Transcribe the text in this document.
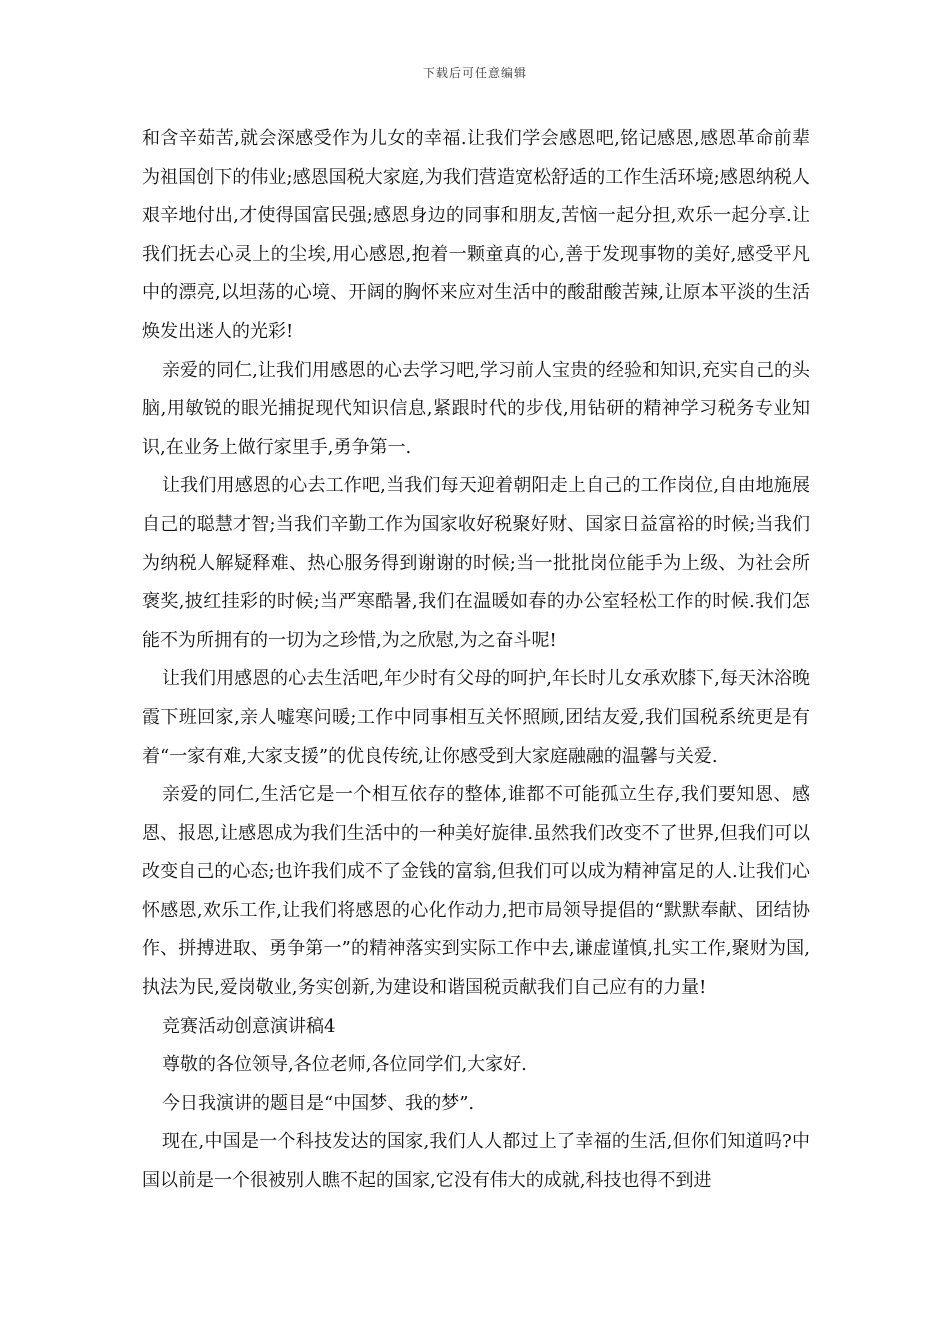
下载后可任意编辑

和含辛茹苦,就会深感受作为儿女的幸福.让我们学会感恩吧,铭记感恩,感恩革命前辈为祖国创下的伟业;感恩国税大家庭,为我们营造宽松舒适的工作生活环境;感恩纳税人艰辛地付出,才使得国富民强;感恩身边的同事和朋友,苦恼一起分担,欢乐一起分享.让我们抚去心灵上的尘埃,用心感恩,抱着一颗童真的心,善于发现事物的美好,感受平凡中的漂亮,以坦荡的心境、开阔的胸怀来应对生活中的酸甜酸苦辣,让原本平淡的生活焕发出迷人的光彩!

亲爱的同仁,让我们用感恩的心去学习吧,学习前人宝贵的经验和知识,充实自己的头脑,用敏锐的眼光捕捉现代知识信息,紧跟时代的步伐,用钻研的精神学习税务专业知识,在业务上做行家里手,勇争第一.

让我们用感恩的心去工作吧,当我们每天迎着朝阳走上自己的工作岗位,自由地施展自己的聪慧才智;当我们辛勤工作为国家收好税聚好财、国家日益富裕的时候;当我们为纳税人解疑释难、热心服务得到谢谢的时候;当一批批岗位能手为上级、为社会所褒奖,披红挂彩的时候;当严寒酷暑,我们在温暖如春的办公室轻松工作的时候.我们怎能不为所拥有的一切为之珍惜,为之欣慰,为之奋斗呢!

让我们用感恩的心去生活吧,年少时有父母的呵护,年长时儿女承欢膝下,每天沐浴晚霞下班回家,亲人嘘寒问暖;工作中同事相互关怀照顾,团结友爱,我们国税系统更是有着“一家有难,大家支援”的优良传统,让你感受到大家庭融融的温馨与关爱.

亲爱的同仁,生活它是一个相互依存的整体,谁都不可能孤立生存,我们要知恩、感恩、报恩,让感恩成为我们生活中的一种美好旋律.虽然我们改变不了世界,但我们可以改变自己的心态;也许我们成不了金钱的富翁,但我们可以成为精神富足的人.让我们心怀感恩,欢乐工作,让我们将感恩的心化作动力,把市局领导提倡的“默默奉献、团结协作、拼搏进取、勇争第一”的精神落实到实际工作中去,谦虚谨慎,扎实工作,聚财为国,执法为民,爱岗敬业,务实创新,为建设和谐国税贡献我们自己应有的力量!

竞赛活动创意演讲稿4

尊敬的各位领导,各位老师,各位同学们,大家好.

今日我演讲的题目是“中国梦、我的梦”.

现在,中国是一个科技发达的国家,我们人人都过上了幸福的生活,但你们知道吗?中国以前是一个很被别人瞧不起的国家,它没有伟大的成就,科技也得不到进
